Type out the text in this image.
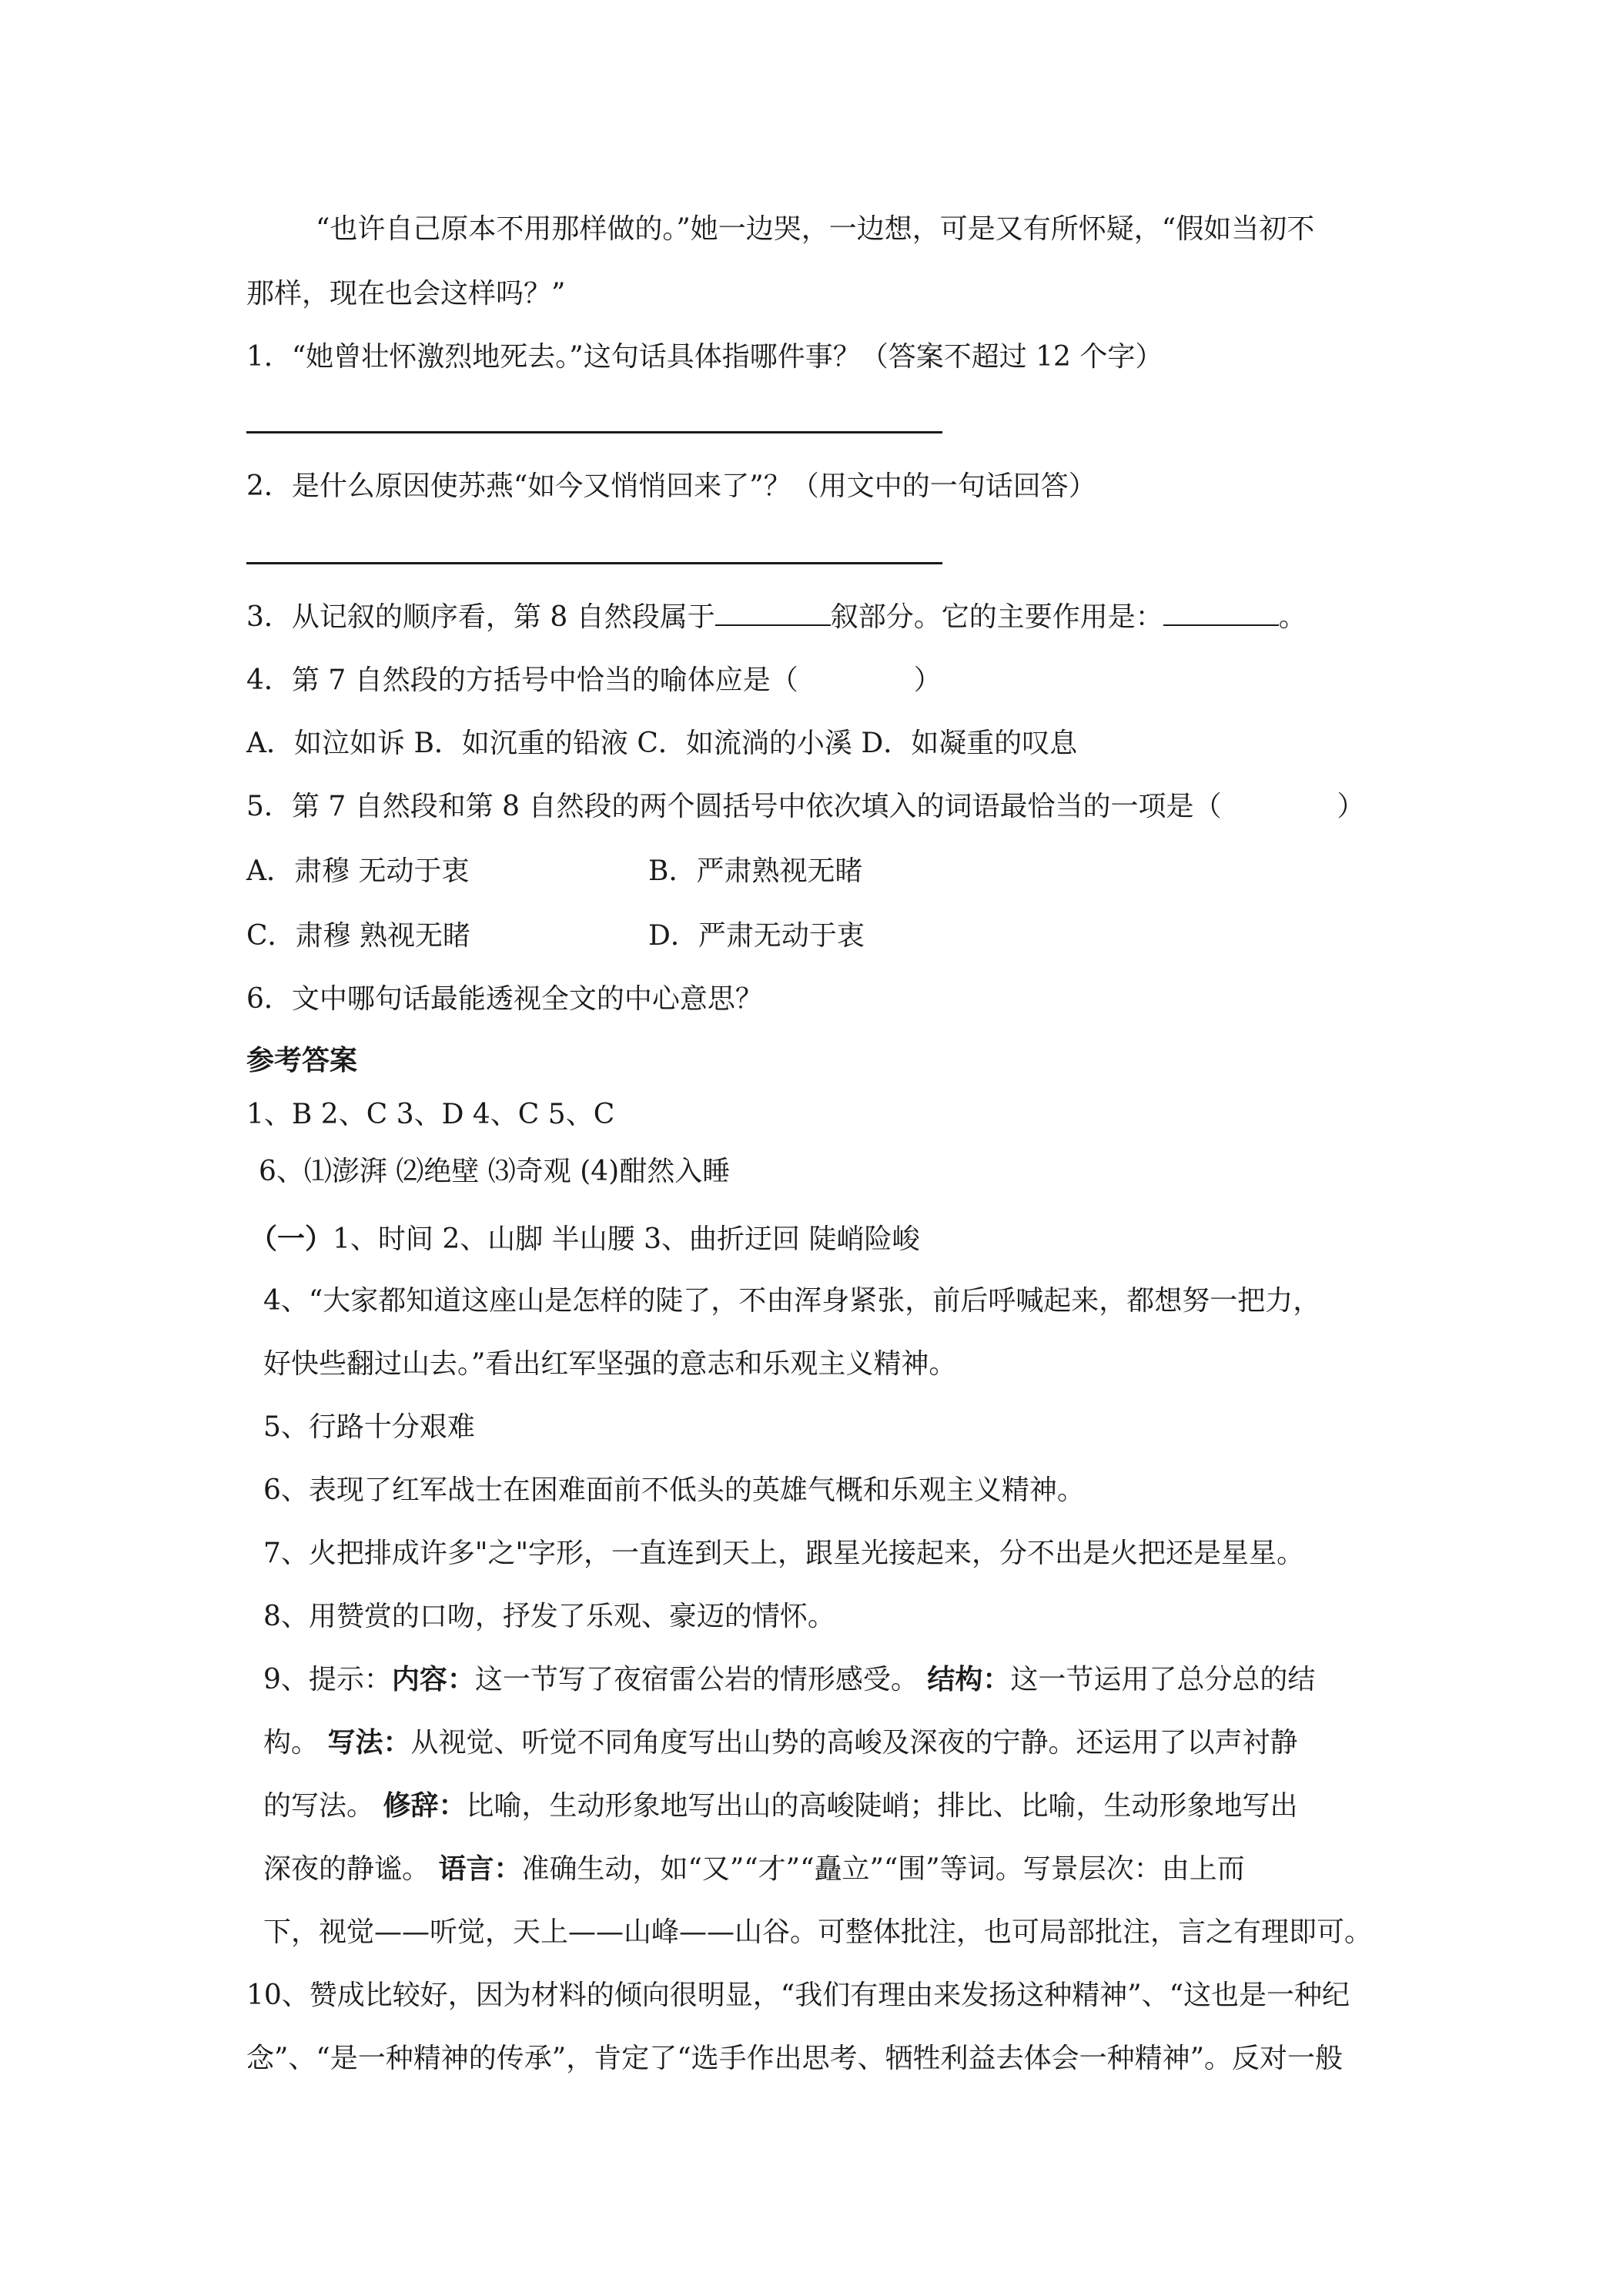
“也许自己原本不用那样做的。”她一边哭，一边想，可是又有所怀疑，“假如当初不
那样，现在也会这样吗？”
1．“她曾壮怀激烈地死去。”这句话具体指哪件事？（答案不超过 12 个字）
2．是什么原因使苏燕“如今又悄悄回来了”？（用文中的一句话回答）
3．从记叙的顺序看，第 8 自然段属于	叙部分。它的主要作用是：	。
4．第 7 自然段的方括号中恰当的喻体应是（	）
A．如泣如诉 B．如沉重的铅液 C．如流淌的小溪 D．如凝重的叹息
5．第 7 自然段和第 8 自然段的两个圆括号中依次填入的词语最恰当的一项是（	）
A．肃穆 无动于衷	B．严肃熟视无睹
C．肃穆 熟视无睹	D．严肃无动于衷
6．文中哪句话最能透视全文的中心意思？
参考答案
1、B 2、C 3、D 4、C 5、C
6、⑴澎湃 ⑵绝壁 ⑶奇观 (4)酣然入睡
（一）1、时间 2、山脚 半山腰 3、曲折迂回 陡峭险峻
4、“大家都知道这座山是怎样的陡了，不由浑身紧张，前后呼喊起来，都想努一把力，
好快些翻过山去。”看出红军坚强的意志和乐观主义精神。
5、行路十分艰难
6、表现了红军战士在困难面前不低头的英雄气概和乐观主义精神。
7、火把排成许多"之"字形，一直连到天上，跟星光接起来，分不出是火把还是星星。
8、用赞赏的口吻，抒发了乐观、豪迈的情怀。
9、提示：内容：这一节写了夜宿雷公岩的情形感受。 结构：这一节运用了总分总的结
构。 写法：从视觉、听觉不同角度写出山势的高峻及深夜的宁静。还运用了以声衬静
的写法。 修辞：比喻，生动形象地写出山的高峻陡峭；排比、比喻，生动形象地写出
深夜的静谧。 语言：准确生动，如“又”“才”“矗立”“围”等词。写景层次：由上而
下，视觉——听觉，天上——山峰——山谷。可整体批注，也可局部批注，言之有理即可。
10、赞成比较好，因为材料的倾向很明显，“我们有理由来发扬这种精神”、“这也是一种纪
念”、“是一种精神的传承”，肯定了“选手作出思考、牺牲利益去体会一种精神”。反对一般
